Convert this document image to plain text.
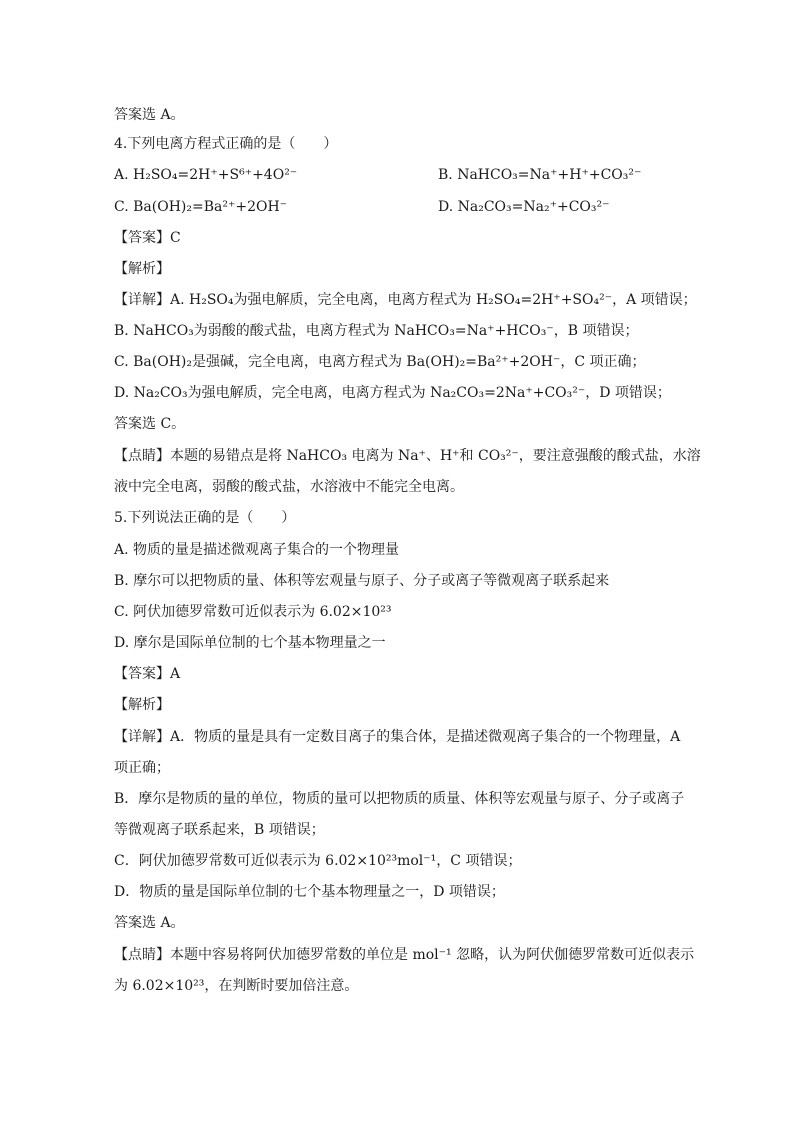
答案选 A。
4.下列电离方程式正确的是（　　）
A. H₂SO₄=2H⁺+S⁶⁺+4O²⁻	B. NaHCO₃=Na⁺+H⁺+CO₃²⁻
C. Ba(OH)₂=Ba²⁺+2OH⁻	D. Na₂CO₃=Na₂⁺+CO₃²⁻
【答案】C
【解析】
【详解】A. H₂SO₄为强电解质，完全电离，电离方程式为 H₂SO₄=2H⁺+SO₄²⁻，A 项错误；
B. NaHCO₃为弱酸的酸式盐，电离方程式为 NaHCO₃=Na⁺+HCO₃⁻，B 项错误；
C. Ba(OH)₂是强碱，完全电离，电离方程式为 Ba(OH)₂=Ba²⁺+2OH⁻，C 项正确；
D. Na₂CO₃为强电解质，完全电离，电离方程式为 Na₂CO₃=2Na⁺+CO₃²⁻，D 项错误；
答案选 C。
【点睛】本题的易错点是将 NaHCO₃ 电离为 Na⁺、H⁺和 CO₃²⁻，要注意强酸的酸式盐，水溶
液中完全电离，弱酸的酸式盐，水溶液中不能完全电离。
5.下列说法正确的是（　　）
A. 物质的量是描述微观离子集合的一个物理量
B. 摩尔可以把物质的量、体积等宏观量与原子、分子或离子等微观离子联系起来
C. 阿伏加德罗常数可近似表示为 6.02×10²³
D. 摩尔是国际单位制的七个基本物理量之一
【答案】A
【解析】
【详解】A．物质的量是具有一定数目离子的集合体，是描述微观离子集合的一个物理量，A
项正确；
B．摩尔是物质的量的单位，物质的量可以把物质的质量、体积等宏观量与原子、分子或离子
等微观离子联系起来，B 项错误；
C．阿伏加德罗常数可近似表示为 6.02×10²³mol⁻¹，C 项错误；
D．物质的量是国际单位制的七个基本物理量之一，D 项错误；
答案选 A。
【点睛】本题中容易将阿伏加德罗常数的单位是 mol⁻¹ 忽略，认为阿伏伽德罗常数可近似表示
为 6.02×10²³，在判断时要加倍注意。
